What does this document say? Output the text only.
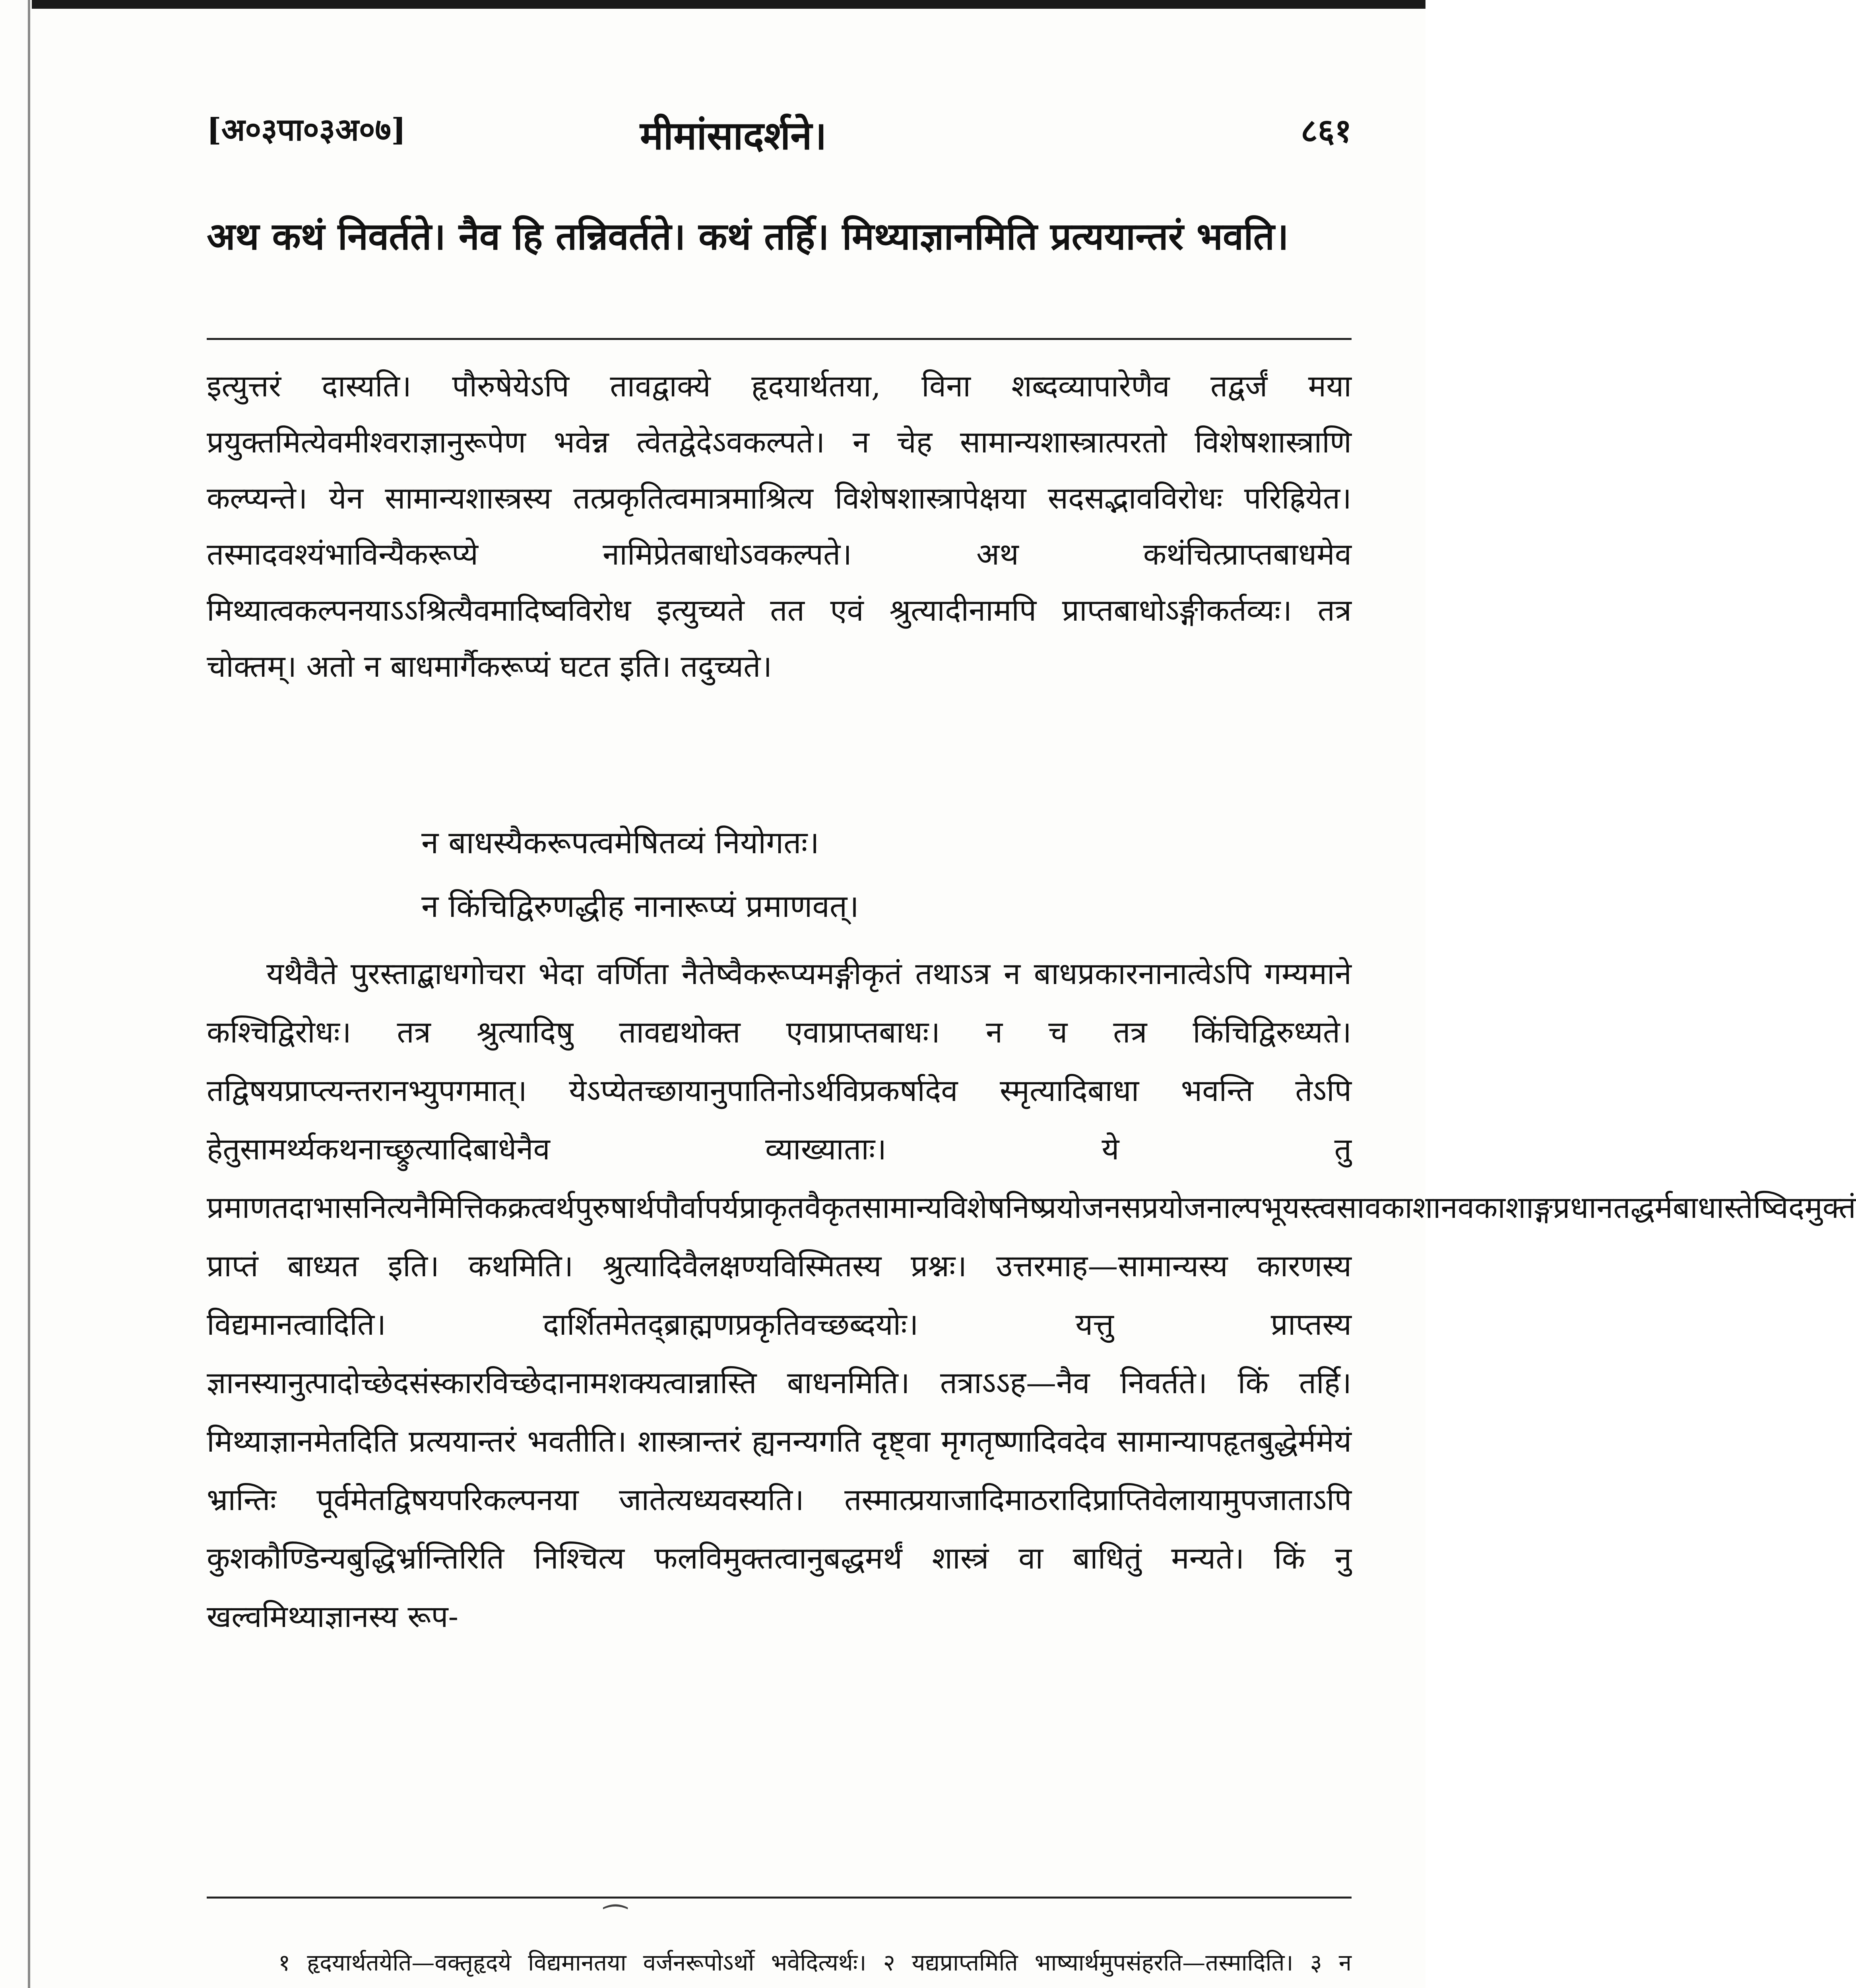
[अ०३पा०३अ०७]	मीमांसादर्शने।	८६१
अथ कथं निवर्तते। नैव हि तन्निवर्तते। कथं तर्हि। मिथ्याज्ञानमिति प्रत्ययान्तरं भवति।

इत्युत्तरं दास्यति। पौरुषेयेऽपि तावद्वाक्ये हृदयार्थतया, विना शब्दव्यापारेणैव तद्वर्जं मया प्रयुक्तमित्येवमीश्वराज्ञानुरूपेण भवेन्न त्वेतद्वेदेऽवकल्पते। न चेह सामान्यशास्त्रात्परतो विशेषशास्त्राणि कल्प्यन्ते। येन सामान्यशास्त्रस्य तत्प्रकृतित्वमात्रमाश्रित्य विशेषशास्त्रापेक्षया सदसद्भावविरोधः परिह्रियेत। तस्मादवश्यंभाविन्यैकरूप्ये नामिप्रेतबाधोऽवकल्पते। अथ कथंचित्प्राप्तबाधमेव मिथ्यात्वकल्पनयाऽऽश्रित्यैवमादिष्वविरोध इत्युच्यते तत एवं श्रुत्यादीनामपि प्राप्तबाधोऽङ्गीकर्तव्यः। तत्र चोक्तम्। अतो न बाधमार्गैकरूप्यं घटत इति। तदुच्यते।

न बाधस्यैकरूपत्वमेषितव्यं नियोगतः।
न किंचिद्विरुणद्धीह नानारूप्यं प्रमाणवत्।

यथैवैते पुरस्ताद्बाधगोचरा भेदा वर्णिता नैतेष्वैकरूप्यमङ्गीकृतं तथाऽत्र न बाधप्रकारनानात्वेऽपि गम्यमाने कश्चिद्विरोधः। तत्र श्रुत्यादिषु तावद्यथोक्त एवाप्राप्तबाधः। न च तत्र किंचिद्विरुध्यते। तद्विषयप्राप्त्यन्तरानभ्युपगमात्। येऽप्येतच्छायानुपातिनोऽर्थविप्रकर्षादेव स्मृत्यादिबाधा भवन्ति तेऽपि हेतुसामर्थ्यकथनाच्छ्रुत्यादिबाधेनैव व्याख्याताः। ये तु प्रमाणतदाभासनित्यनैमित्तिकक्रत्वर्थपुरुषार्थपौर्वापर्यप्राकृतवैकृतसामान्यविशेषनिष्प्रयोजनसप्रयोजनाल्पभूयस्त्वसावकाशानवकाशाङ्गप्रधानतद्धर्मबाधास्तेष्विदमुक्तं प्राप्तं बाध्यत इति। कथमिति। श्रुत्यादिवैलक्षण्यविस्मितस्य प्रश्नः। उत्तरमाह—सामान्यस्य कारणस्य विद्यमानत्वादिति। दार्शितमेतद्ब्राह्मणप्रकृतिवच्छब्दयोः। यत्तु प्राप्तस्य ज्ञानस्यानुत्पादोच्छेदसंस्कारविच्छेदानामशक्यत्वान्नास्ति बाधनमिति। तत्राऽऽह—नैव निवर्तते। किं तर्हि। मिथ्याज्ञानमेतदिति प्रत्ययान्तरं भवतीति। शास्त्रान्तरं ह्यनन्यगति दृष्ट्वा मृगतृष्णादिवदेव सामान्यापहृतबुद्धेर्ममेयं भ्रान्तिः पूर्वमेतद्विषयपरिकल्पनया जातेत्यध्यवस्यति। तस्मात्प्रयाजादिमाठरादिप्राप्तिवेलायामुपजाताऽपि कुशकौण्डिन्यबुद्धिर्भ्रान्तिरिति निश्चित्य फलविमुक्तत्वानुबद्धमर्थं शास्त्रं वा बाधितुं मन्यते। किं नु खल्वमिथ्याज्ञानस्य रूप-

⁀

१ हृदयार्थतयेति—वक्तृहृदये विद्यमानतया वर्जनरूपोऽर्थो भवेदित्यर्थः। २ यद्यप्राप्तमिति भाष्यार्थमुपसंहरति—तस्मादिति। ३ न
